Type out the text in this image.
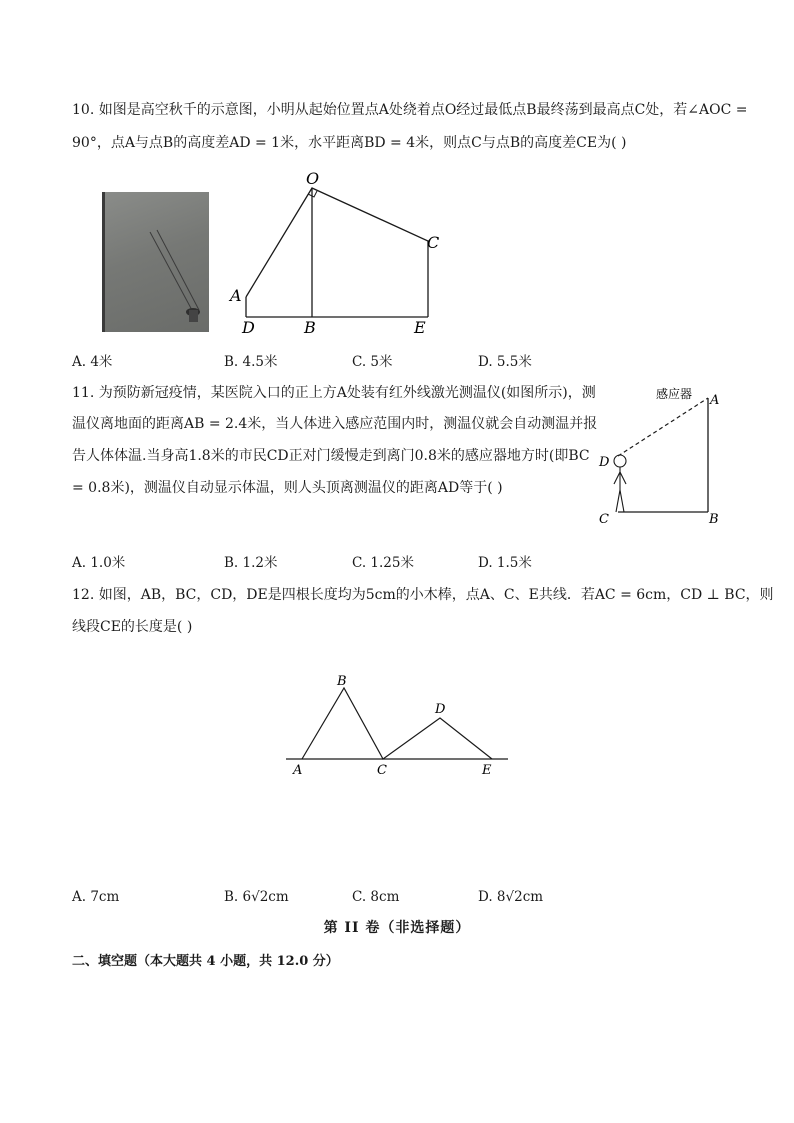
10. 如图是高空秋千的示意图，小明从起始位置点A处绕着点O经过最低点B最终荡到最高点C处，若∠AOC =
90°，点A与点B的高度差AD = 1米，水平距离BD = 4米，则点C与点B的高度差CE为( )
O
A
C
D	B	E
A. 4米	B. 4.5米	C. 5米	D. 5.5米
11. 为预防新冠疫情，某医院入口的正上方A处装有红外线激光测温仪(如图所示)，测
温仪离地面的距离AB = 2.4米，当人体进入感应范围内时，测温仪就会自动测温并报
告人体体温.当身高1.8米的市民CD正对门缓慢走到离门0.8米的感应器地方时(即BC
= 0.8米)，测温仪自动显示体温，则人头顶离测温仪的距离AD等于( )
感应器 A
D
C	B
A. 1.0米	B. 1.2米	C. 1.25米	D. 1.5米
12. 如图，AB，BC，CD，DE是四根长度均为5cm的小木棒，点A、C、E共线．若AC = 6cm，CD ⊥ BC，则
线段CE的长度是( )
B
D
A	C	E
A. 7cm	B. 6√2cm	C. 8cm	D. 8√2cm
第 II 卷（非选择题）
二、填空题（本大题共 4 小题，共 12.0 分）
